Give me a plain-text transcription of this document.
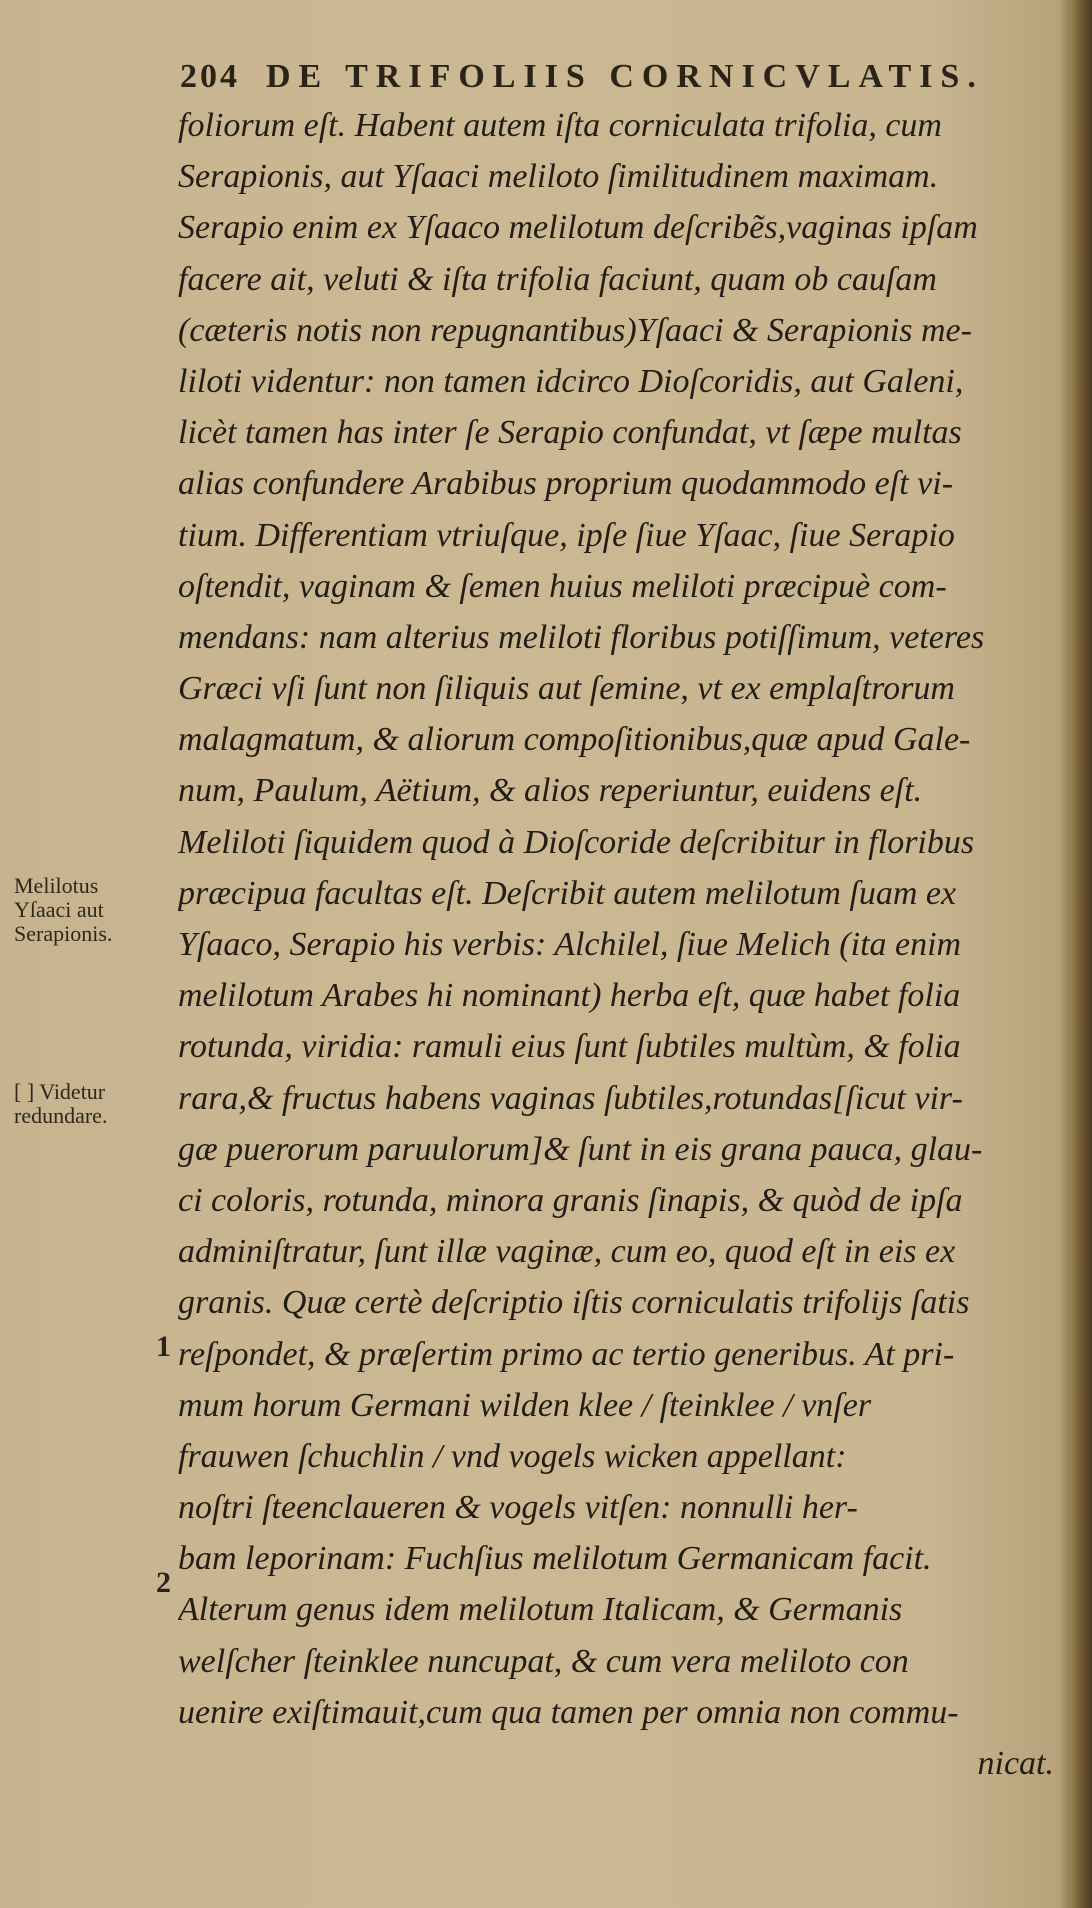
204 DE TRIFOLIIS CORNICVLATIS.
foliorum eſt. Habent autem iſta corniculata trifolia, cum
Serapionis, aut Yſaaci meliloto ſimilitudinem maximam.
Serapio enim ex Yſaaco melilotum deſcribẽs,vaginas ipſam
facere ait, veluti & iſta trifolia faciunt, quam ob cauſam
(cæteris notis non repugnantibus)Yſaaci & Serapionis me-
liloti videntur: non tamen idcirco Dioſcoridis, aut Galeni,
licèt tamen has inter ſe Serapio confundat, vt ſæpe multas
alias confundere Arabibus proprium quodammodo eſt vi-
tium. Differentiam vtriuſque, ipſe ſiue Yſaac, ſiue Serapio
oſtendit, vaginam & ſemen huius meliloti præcipuè com-
mendans: nam alterius meliloti floribus potiſſimum, veteres
Græci vſi ſunt non ſiliquis aut ſemine, vt ex emplaſtrorum
malagmatum, & aliorum compoſitionibus,quæ apud Gale-
num, Paulum, Aëtium, & alios reperiuntur, euidens eſt.
Meliloti ſiquidem quod à Dioſcoride deſcribitur in floribus
præcipua facultas eſt. Deſcribit autem melilotum ſuam ex
Yſaaco, Serapio his verbis: Alchilel, ſiue Melich (ita enim
melilotum Arabes hi nominant) herba eſt, quæ habet folia
rotunda, viridia: ramuli eius ſunt ſubtiles multùm, & folia
rara,& fructus habens vaginas ſubtiles,rotundas[ſicut vir-
gæ puerorum paruulorum]& ſunt in eis grana pauca, glau-
ci coloris, rotunda, minora granis ſinapis, & quòd de ipſa
adminiſtratur, ſunt illæ vaginæ, cum eo, quod eſt in eis ex
granis. Quæ certè deſcriptio iſtis corniculatis trifolijs ſatis
reſpondet, & præſertim primo ac tertio generibus. At pri-
mum horum Germani wilden klee / ſteinklee / vnſer
frauwen ſchuchlin / vnd vogels wicken appellant:
noſtri ſteenclaueren & vogels vitſen: nonnulli her-
bam leporinam: Fuchſius melilotum Germanicam facit.
Alterum genus idem melilotum Italicam, & Germanis
welſcher ſteinklee nuncupat, & cum vera meliloto con
uenire exiſtimauit,cum qua tamen per omnia non commu-
nicat.
Melilotus
Yſaaci aut
Serapionis.
[ ] Videtur
redundare.
1
2
